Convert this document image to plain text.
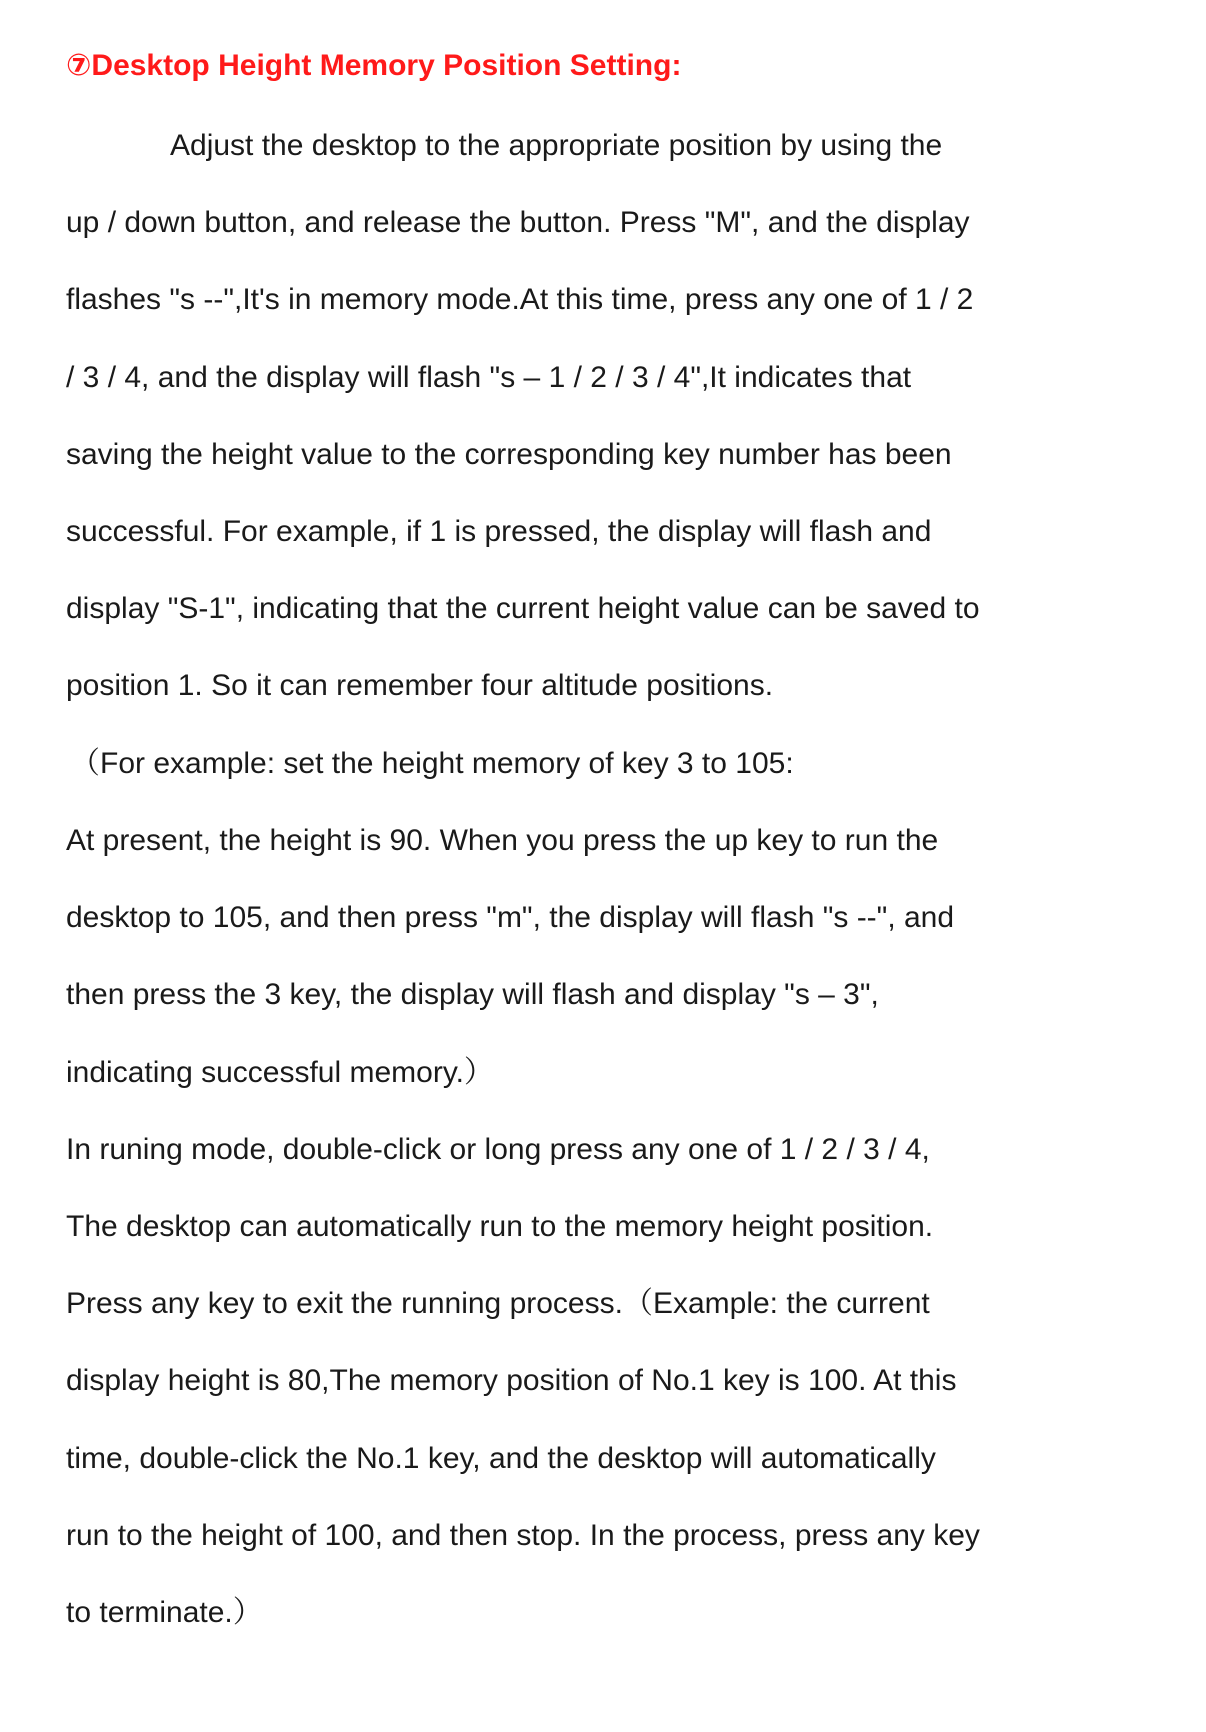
⑦Desktop Height Memory Position Setting:
Adjust the desktop to the appropriate position by using the
up / down button, and release the button. Press "M", and the display
flashes "s --",It's in memory mode.At this time, press any one of 1 / 2
/ 3 / 4, and the display will flash "s – 1 / 2 / 3 / 4",It indicates that
saving the height value to the corresponding key number has been
successful. For example, if 1 is pressed, the display will flash and
display "S-1", indicating that the current height value can be saved to
position 1. So it can remember four altitude positions.
（For example: set the height memory of key 3 to 105:
At present, the height is 90. When you press the up key to run the
desktop to 105, and then press "m", the display will flash "s --", and
then press the 3 key, the display will flash and display "s – 3",
indicating successful memory.）
In runing mode, double-click or long press any one of 1 / 2 / 3 / 4,
The desktop can automatically run to the memory height position.
Press any key to exit the running process.（Example: the current
display height is 80,The memory position of No.1 key is 100. At this
time, double-click the No.1 key, and the desktop will automatically
run to the height of 100, and then stop. In the process, press any key
to terminate.）
